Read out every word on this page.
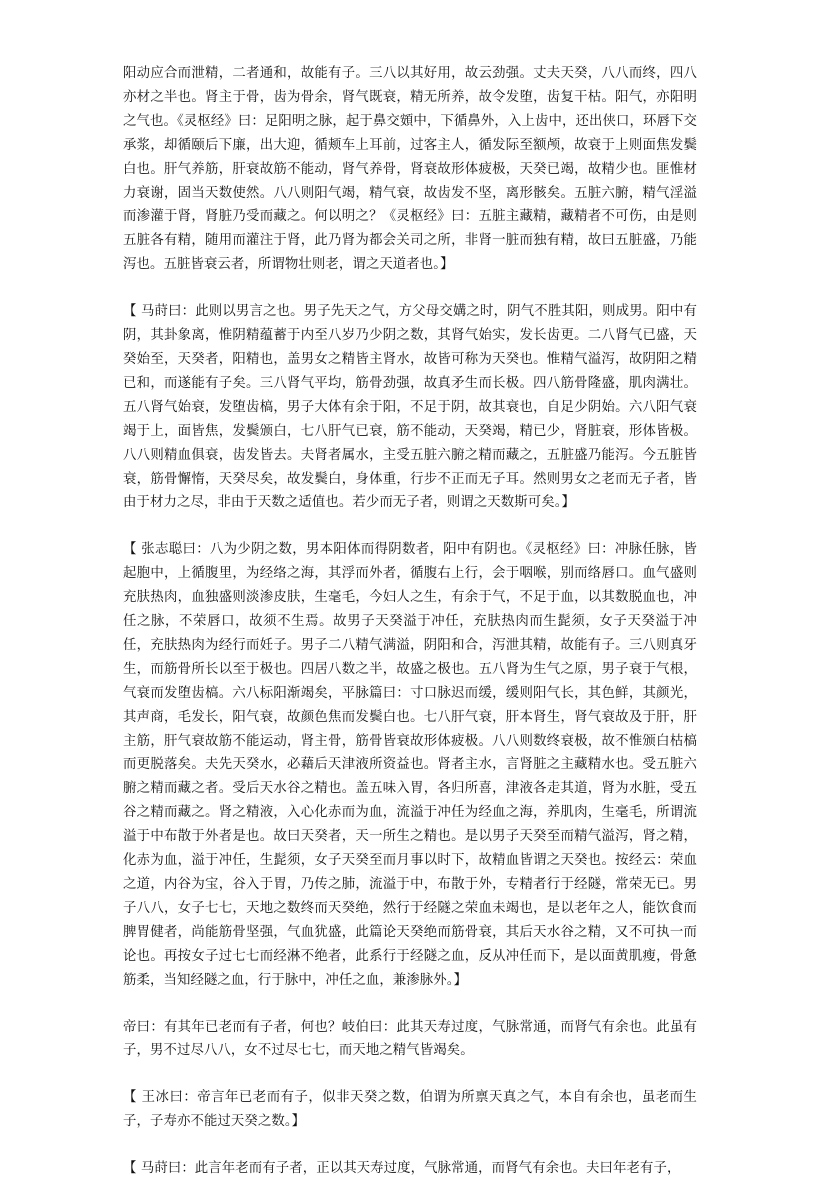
阳动应合而泄精，二者通和，故能有子。三八以其好用，故云劲强。丈夫天癸，八八而终，四八亦材之半也。肾主于骨，齿为骨余，肾气既衰，精无所养，故令发堕，齿复干枯。阳气，亦阳明之气也。《灵枢经》曰：足阳明之脉，起于鼻交頞中，下循鼻外，入上齿中，还出侠口，环唇下交承浆，却循颐后下廉，出大迎，循颊车上耳前，过客主人，循发际至额颅，故衰于上则面焦发鬓白也。肝气养筋，肝衰故筋不能动，肾气养骨，肾衰故形体疲极，天癸已竭，故精少也。匪惟材力衰谢，固当天数使然。八八则阳气竭，精气衰，故齿发不坚，离形骸矣。五脏六腑，精气淫溢而渗灌于肾，肾脏乃受而藏之。何以明之？《灵枢经》曰：五脏主藏精，藏精者不可伤，由是则五脏各有精，随用而灌注于肾，此乃肾为都会关司之所，非肾一脏而独有精，故曰五脏盛，乃能泻也。五脏皆衰云者，所谓物壮则老，谓之天道者也。】

【 马莳曰：此则以男言之也。男子先天之气，方父母交媾之时，阴气不胜其阳，则成男。阳中有阴，其卦象离，惟阴精蕴蓄于内至八岁乃少阴之数，其肾气始实，发长齿更。二八肾气已盛，天癸始至，天癸者，阳精也，盖男女之精皆主肾水，故皆可称为天癸也。惟精气溢泻，故阴阳之精已和，而遂能有子矣。三八肾气平均，筋骨劲强，故真矛生而长极。四八筋骨隆盛，肌肉满壮。五八肾气始衰，发堕齿槁，男子大体有余于阳，不足于阴，故其衰也，自足少阴始。六八阳气衰竭于上，面皆焦，发鬓颁白，七八肝气已衰，筋不能动，天癸竭，精已少，肾脏衰，形体皆极。八八则精血俱衰，齿发皆去。夫肾者属水，主受五脏六腑之精而藏之，五脏盛乃能泻。今五脏皆衰，筋骨懈惰，天癸尽矣，故发鬓白，身体重，行步不正而无子耳。然则男女之老而无子者，皆由于材力之尽，非由于天数之适值也。若少而无子者，则谓之天数斯可矣。】

【 张志聪曰：八为少阴之数，男本阳体而得阴数者，阳中有阴也。《灵枢经》曰：冲脉任脉，皆起胞中，上循腹里，为经络之海，其浮而外者，循腹右上行，会于咽喉，别而络唇口。血气盛则充肤热肉，血独盛则淡渗皮肤，生毫毛，今妇人之生，有余于气，不足于血，以其数脱血也，冲任之脉，不荣唇口，故须不生焉。故男子天癸溢于冲任，充肤热肉而生髭须，女子天癸溢于冲任，充肤热肉为经行而妊子。男子二八精气满溢，阴阳和合，泻泄其精，故能有子。三八则真牙生，而筋骨所长以至于极也。四居八数之半，故盛之极也。五八肾为生气之原，男子衰于气根，气衰而发堕齿槁。六八标阳渐竭矣，平脉篇曰：寸口脉迟而缓，缓则阳气长，其色鲜，其颜光，其声商，毛发长，阳气衰，故颜色焦而发鬓白也。七八肝气衰，肝本肾生，肾气衰故及于肝，肝主筋，肝气衰故筋不能运动，肾主骨，筋骨皆衰故形体疲极。八八则数终衰极，故不惟颁白枯槁而更脱落矣。夫先天癸水，必藉后天津液所资益也。肾者主水，言肾脏之主藏精水也。受五脏六腑之精而藏之者。受后天水谷之精也。盖五味入胃，各归所喜，津液各走其道，肾为水脏，受五谷之精而藏之。肾之精液，入心化赤而为血，流溢于冲任为经血之海，养肌肉，生毫毛，所谓流溢于中布散于外者是也。故曰天癸者，天一所生之精也。是以男子天癸至而精气溢泻，肾之精，化赤为血，溢于冲任，生髭须，女子天癸至而月事以时下，故精血皆谓之天癸也。按经云：荣血之道，内谷为宝，谷入于胃，乃传之肺，流溢于中，布散于外，专精者行于经隧，常荣无已。男子八八，女子七七，天地之数终而天癸绝，然行于经隧之荣血未竭也，是以老年之人，能饮食而脾胃健者，尚能筋骨坚强，气血犹盛，此篇论天癸绝而筋骨衰，其后天水谷之精，又不可执一而论也。再按女子过七七而经淋不绝者，此系行于经隧之血，反从冲任而下，是以面黄肌瘦，骨惫筋柔，当知经隧之血，行于脉中，冲任之血，兼渗脉外。】

帝曰：有其年已老而有子者，何也？岐伯曰：此其天寿过度，气脉常通，而肾气有余也。此虽有子，男不过尽八八，女不过尽七七，而天地之精气皆竭矣。

【 王冰曰：帝言年已老而有子，似非天癸之数，伯谓为所禀天真之气，本自有余也，虽老而生子，子寿亦不能过天癸之数。】

【 马莳曰：此言年老而有子者，正以其天寿过度，气脉常通，而肾气有余也。夫曰年老有子，
